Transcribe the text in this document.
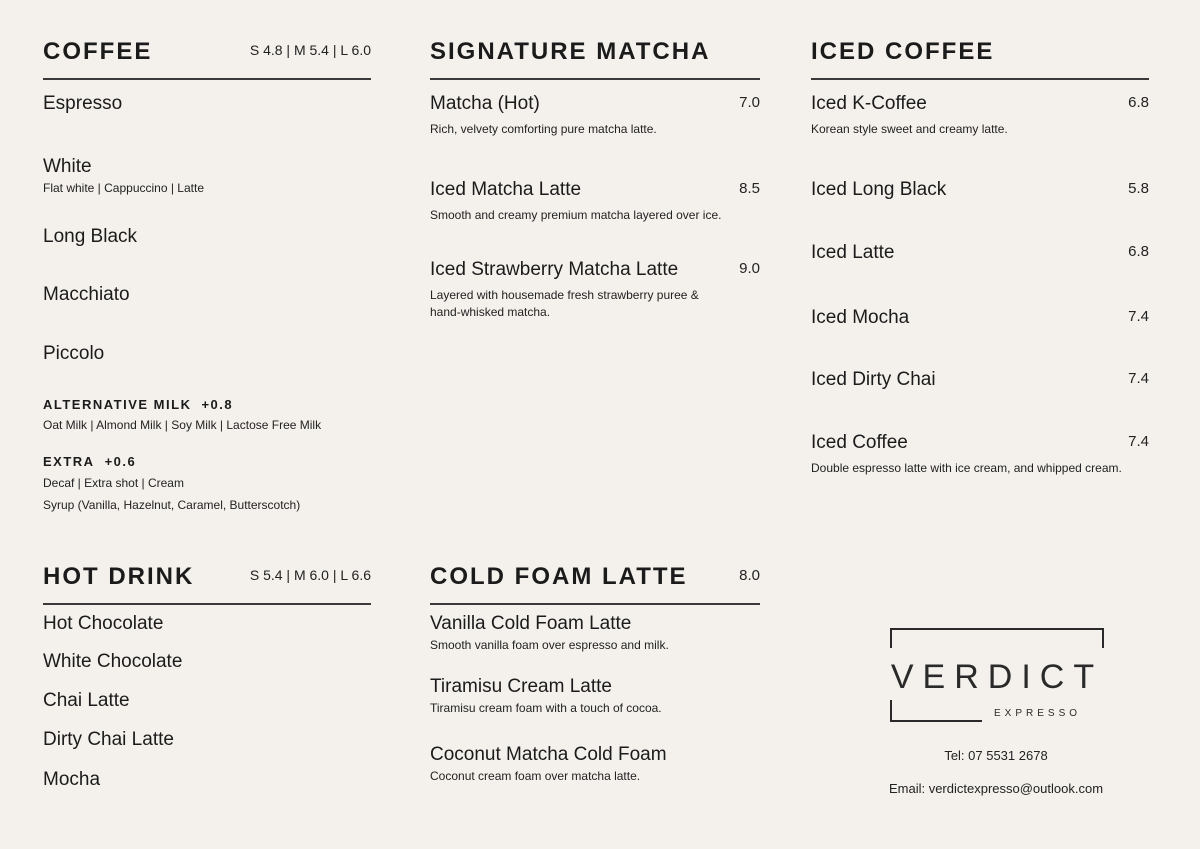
COFFEE	S 4.8 | M 5.4 | L 6.0
Espresso
White
Flat white | Cappuccino | Latte
Long Black
Macchiato
Piccolo
ALTERNATIVE MILK +0.8
Oat Milk | Almond Milk | Soy Milk | Lactose Free Milk
EXTRA +0.6
Decaf | Extra shot | Cream
Syrup (Vanilla, Hazelnut, Caramel, Butterscotch)
SIGNATURE MATCHA
Matcha (Hot)	7.0
Rich, velvety comforting pure matcha latte.
Iced Matcha Latte	8.5
Smooth and creamy premium matcha layered over ice.
Iced Strawberry Matcha Latte	9.0
Layered with housemade fresh strawberry puree &
hand-whisked matcha.
ICED COFFEE
Iced K-Coffee	6.8
Korean style sweet and creamy latte.
Iced Long Black	5.8
Iced Latte	6.8
Iced Mocha	7.4
Iced Dirty Chai	7.4
Iced Coffee	7.4
Double espresso latte with ice cream, and whipped cream.
HOT DRINK	S 5.4 | M 6.0 | L 6.6
Hot Chocolate
White Chocolate
Chai Latte
Dirty Chai Latte
Mocha
COLD FOAM LATTE	8.0
Vanilla Cold Foam Latte
Smooth vanilla foam over espresso and milk.
Tiramisu Cream Latte
Tiramisu cream foam with a touch of cocoa.
Coconut Matcha Cold Foam
Coconut cream foam over matcha latte.
VERDICT
EXPRESSO
Tel: 07 5531 2678
Email: verdictexpresso@outlook.com
